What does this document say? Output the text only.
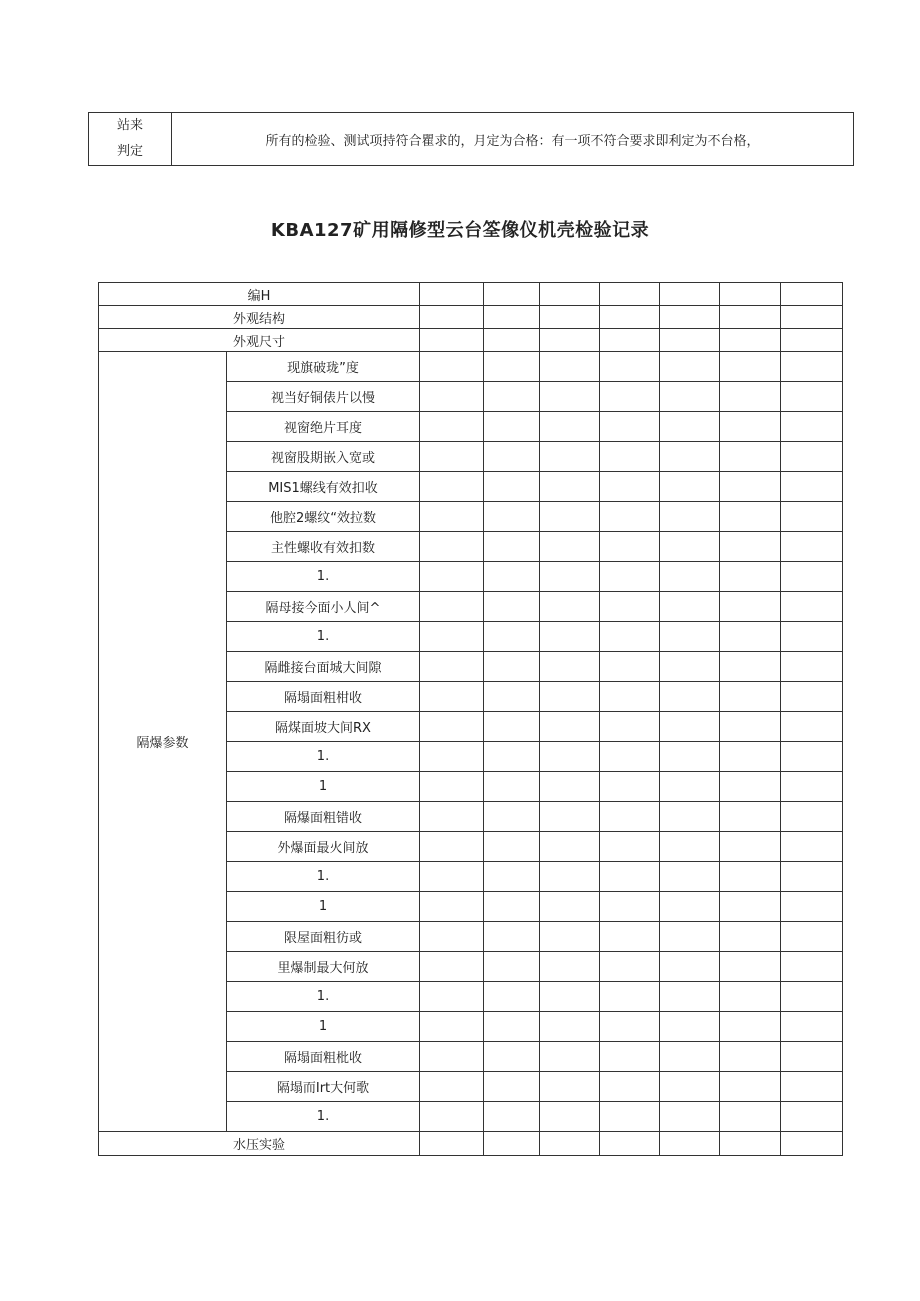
站来
判定
	所有的检验、测试项持符合瞿求的，月定为合格：有一项不符合要求即利定为不台格，
KBA127矿用隔修型云台筌像仪机壳检验记录
编H								
外观结构								
外观尺寸								
隔爆参数	现旗破珑”度							
	视当好铜俵片以慢							
	视窗绝片耳度							
	视窗股期嵌入宽或							
	MIS1螺线有效扣收							
	他腔2螺纹“效拉数							
	主性螺收有效扣数							
	1.							
	隔母接今面小人间^							
	1.							
	隔雌接台面城大间隙							
	隔塌面粗柑收							
	隔煤面坡大间RX							
	1.							
	1							
	隔爆面粗错收							
	外爆面最火间放							
	1.							
	1							
	限屋面粗彷或							
	里爆制最大何放							
	1.							
	1							
	隔塌面粗枇收							
	隔塌而Irt大何歌							
	1.							
水压实验								
